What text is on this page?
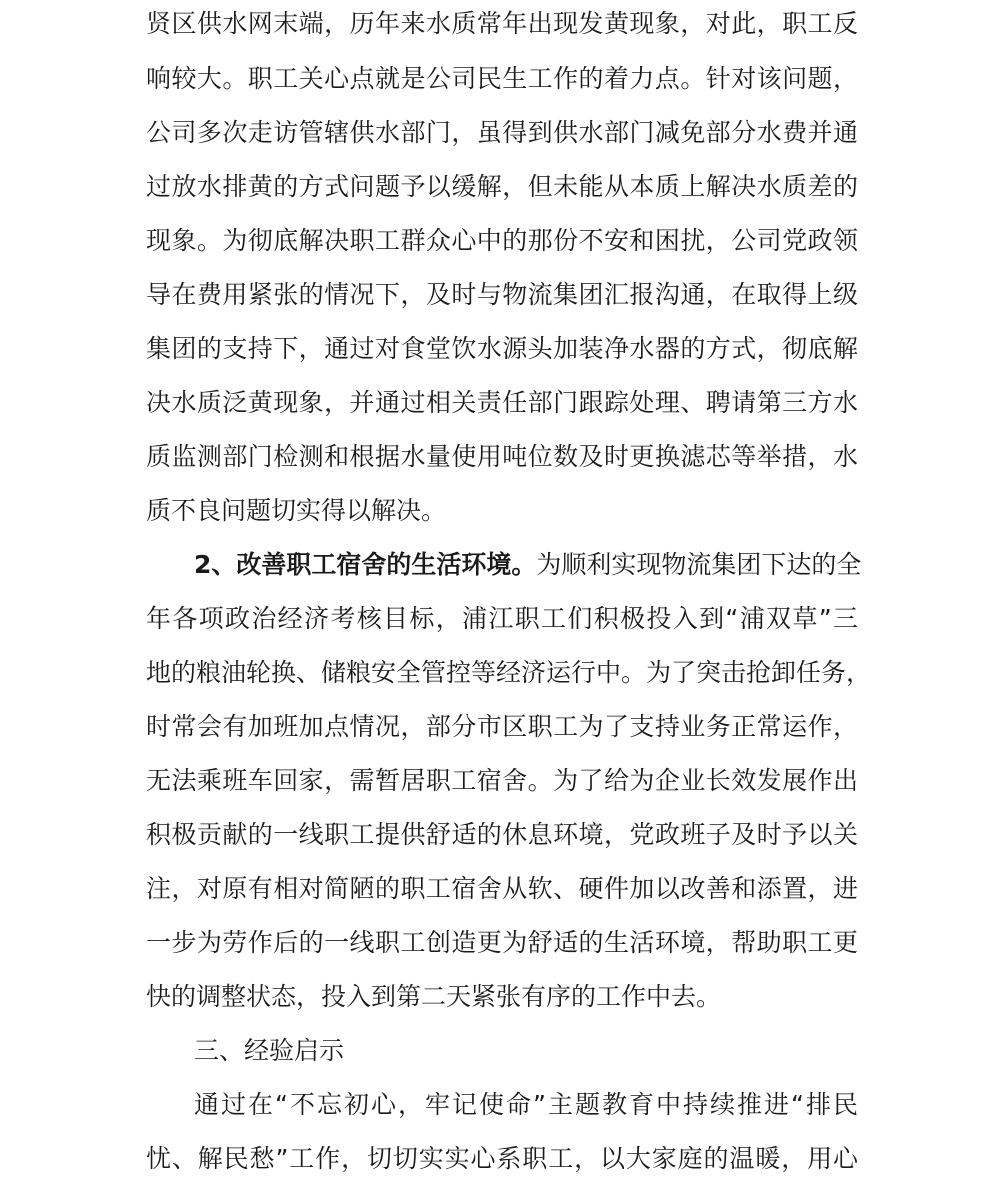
贤区供水网末端，历年来水质常年出现发黄现象，对此，职工反
响较大。职工关心点就是公司民生工作的着力点。针对该问题，
公司多次走访管辖供水部门，虽得到供水部门减免部分水费并通
过放水排黄的方式问题予以缓解，但未能从本质上解决水质差的
现象。为彻底解决职工群众心中的那份不安和困扰，公司党政领
导在费用紧张的情况下，及时与物流集团汇报沟通，在取得上级
集团的支持下，通过对食堂饮水源头加装净水器的方式，彻底解
决水质泛黄现象，并通过相关责任部门跟踪处理、聘请第三方水
质监测部门检测和根据水量使用吨位数及时更换滤芯等举措，水
质不良问题切实得以解决。
2、改善职工宿舍的生活环境。为顺利实现物流集团下达的全
年各项政治经济考核目标，浦江职工们积极投入到“浦双草”三
地的粮油轮换、储粮安全管控等经济运行中。为了突击抢卸任务，
时常会有加班加点情况，部分市区职工为了支持业务正常运作，
无法乘班车回家，需暂居职工宿舍。为了给为企业长效发展作出
积极贡献的一线职工提供舒适的休息环境，党政班子及时予以关
注，对原有相对简陋的职工宿舍从软、硬件加以改善和添置，进
一步为劳作后的一线职工创造更为舒适的生活环境，帮助职工更
快的调整状态，投入到第二天紧张有序的工作中去。
三、经验启示
通过在“不忘初心，牢记使命”主题教育中持续推进“排民
忧、解民愁”工作，切切实实心系职工，以大家庭的温暖，用心
